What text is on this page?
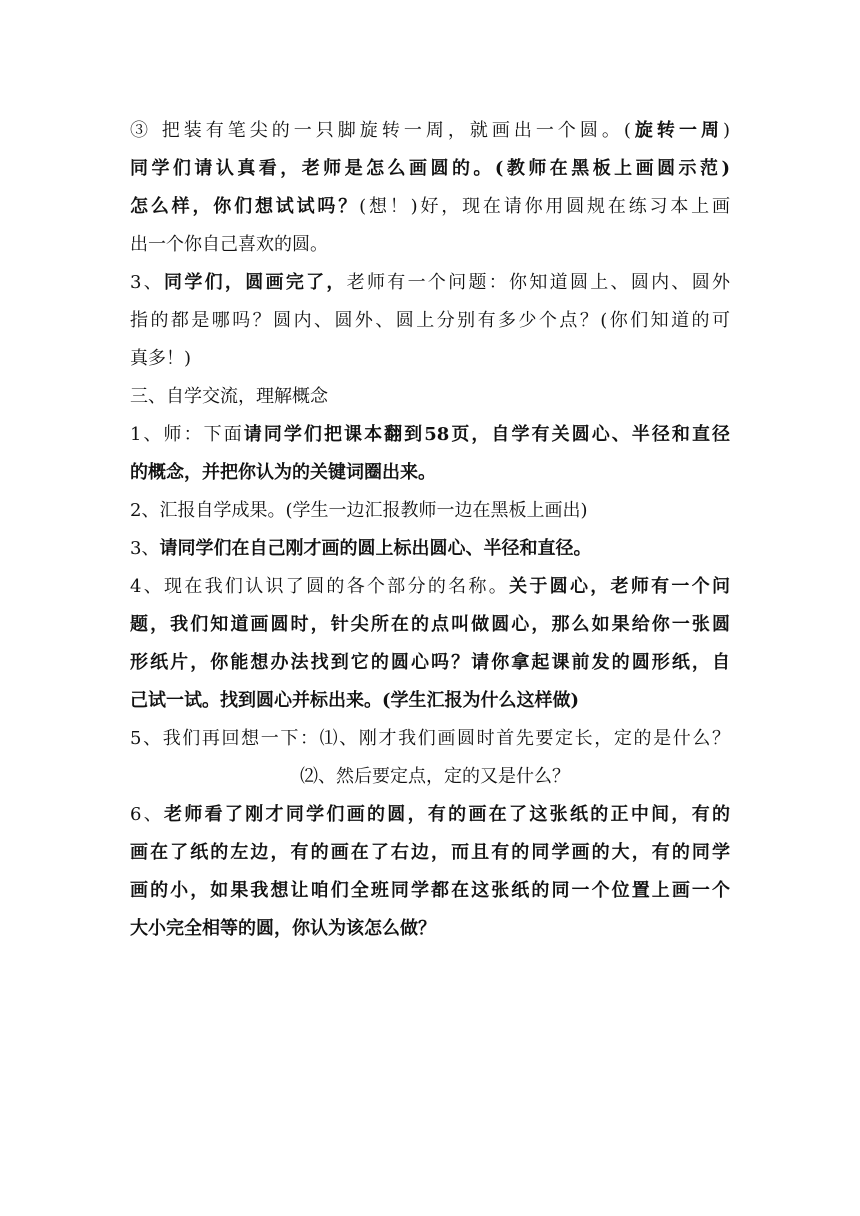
③ 把装有笔尖的一只脚旋转一周，就画出一个圆。(旋转一周)
同学们请认真看，老师是怎么画圆的。(教师在黑板上画圆示范)
怎么样，你们想试试吗？(想！)好，现在请你用圆规在练习本上画
出一个你自己喜欢的圆。
3、同学们，圆画完了，老师有一个问题：你知道圆上、圆内、圆外
指的都是哪吗？圆内、圆外、圆上分别有多少个点？(你们知道的可
真多！)
三、自学交流，理解概念
1、师：下面请同学们把课本翻到58页，自学有关圆心、半径和直径
的概念，并把你认为的关键词圈出来。
2、汇报自学成果。(学生一边汇报教师一边在黑板上画出)
3、请同学们在自己刚才画的圆上标出圆心、半径和直径。
4、现在我们认识了圆的各个部分的名称。关于圆心，老师有一个问
题，我们知道画圆时，针尖所在的点叫做圆心，那么如果给你一张圆
形纸片，你能想办法找到它的圆心吗？请你拿起课前发的圆形纸，自
己试一试。找到圆心并标出来。(学生汇报为什么这样做)
5、我们再回想一下：⑴、刚才我们画圆时首先要定长，定的是什么？
⑵、然后要定点，定的又是什么？
6、老师看了刚才同学们画的圆，有的画在了这张纸的正中间，有的
画在了纸的左边，有的画在了右边，而且有的同学画的大，有的同学
画的小，如果我想让咱们全班同学都在这张纸的同一个位置上画一个
大小完全相等的圆，你认为该怎么做？
